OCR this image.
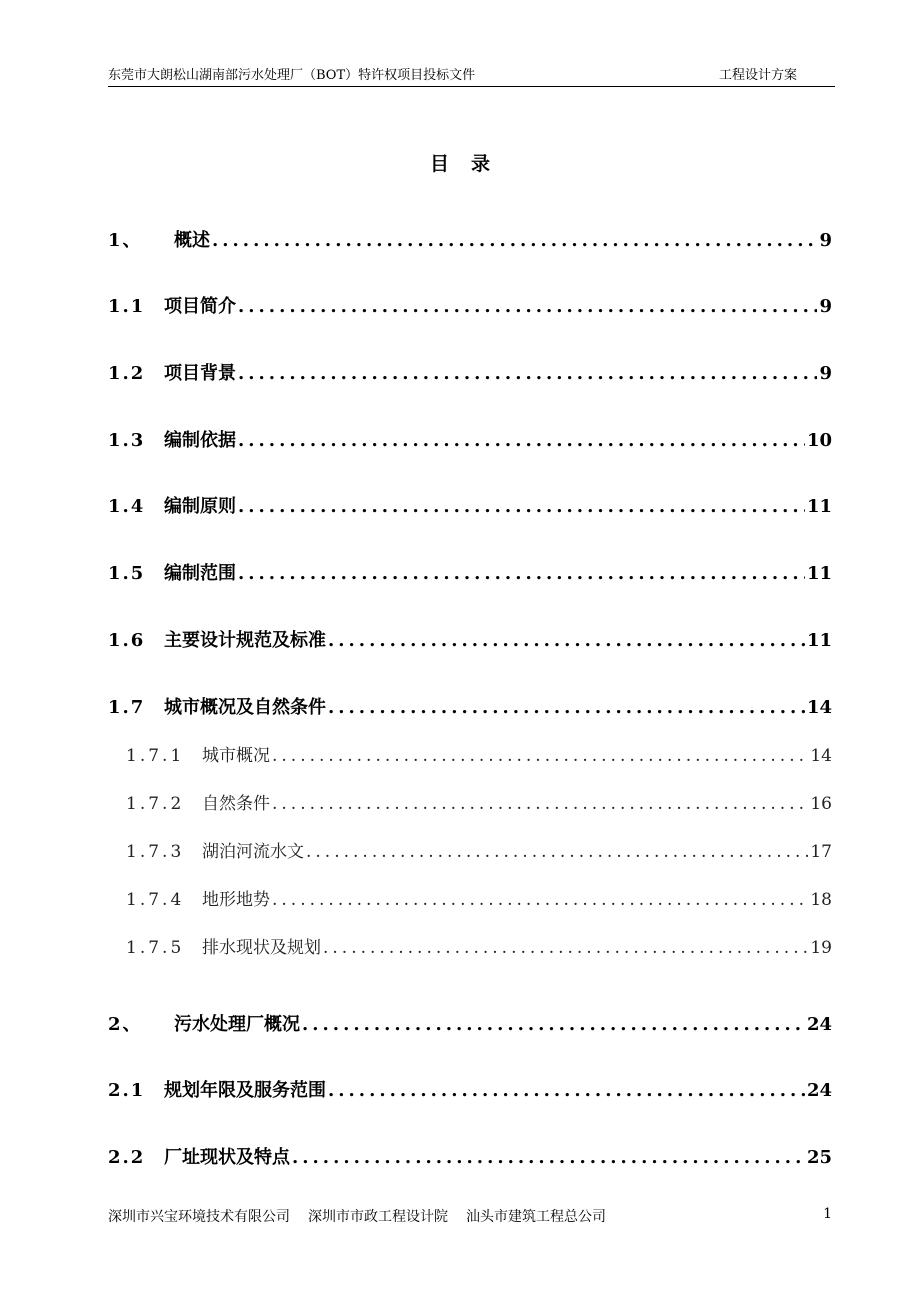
东莞市大朗松山湖南部污水处理厂（BOT）特许权项目投标文件	工程设计方案
目录
1、	概述 .....	9
1.1	项目简介 .....	9
1.2	项目背景 .....	9
1.3	编制依据 .....	10
1.4	编制原则 .....	11
1.5	编制范围 .....	11
1.6	主要设计规范及标准 .....	11
1.7	城市概况及自然条件 .....	14
1.7.1	城市概况 .....	14
1.7.2	自然条件 .....	16
1.7.3	湖泊河流水文 .....	17
1.7.4	地形地势 .....	18
1.7.5	排水现状及规划 .....	19
2、	污水处理厂概况 .....	24
2.1	规划年限及服务范围 .....	24
2.2	厂址现状及特点 .....	25
深圳市兴宝环境技术有限公司 深圳市市政工程设计院 汕头市建筑工程总公司	1
